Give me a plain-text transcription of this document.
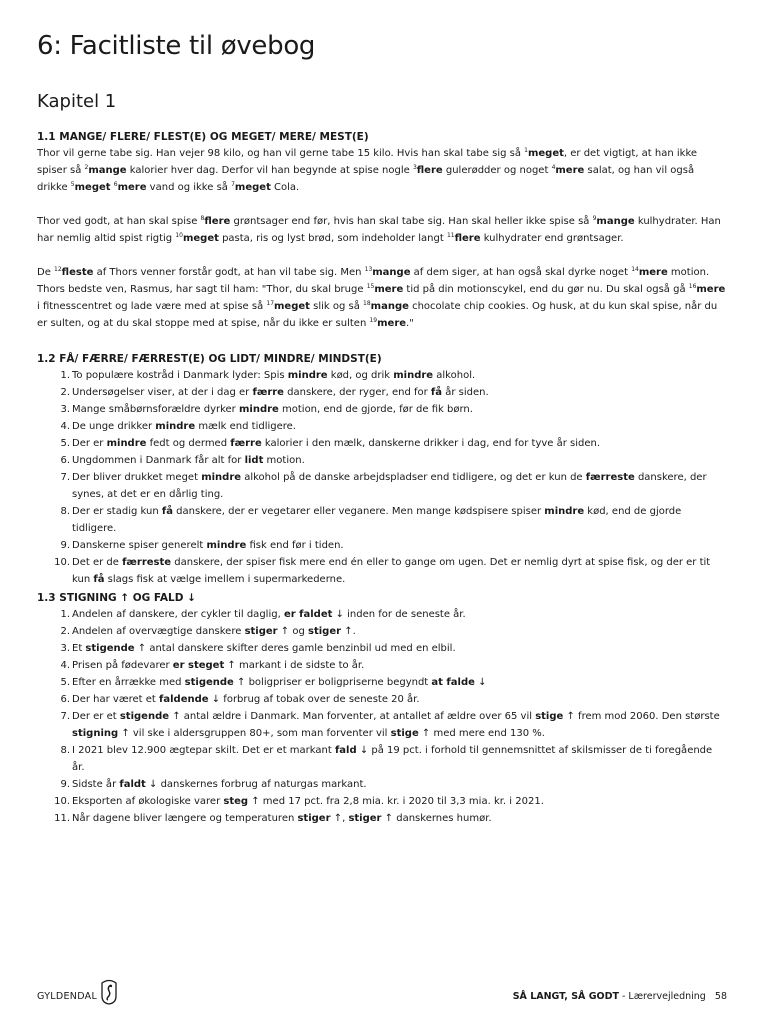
6: Facitliste til øvebog
Kapitel 1
1.1 MANGE/ FLERE/ FLEST(E) OG MEGET/ MERE/ MEST(E)

Thor vil gerne tabe sig. Han vejer 98 kilo, og han vil gerne tabe 15 kilo. Hvis han skal tabe sig så $^1$meget, er det vigtigt, at han ikke spiser så $^2$mange kalorier hver dag. Derfor vil han begynde at spise nogle $^3$flere gulerødder og noget $^4$mere salat, og han vil også drikke $^5$meget $^6$mere vand og ikke så $^7$meget Cola.

Thor ved godt, at han skal spise $^8$flere grøntsager end før, hvis han skal tabe sig. Han skal heller ikke spise så $^9$mange kulhydrater. Han har nemlig altid spist rigtig $^{10}$meget pasta, ris og lyst brød, som indeholder langt $^{11}$flere kulhydrater end grøntsager.

De $^{12}$fleste af Thors venner forstår godt, at han vil tabe sig. Men $^{13}$mange af dem siger, at han også skal dyrke noget $^{14}$mere motion. Thors bedste ven, Rasmus, har sagt til ham: "Thor, du skal bruge $^{15}$mere tid på din motionscykel, end du gør nu. Du skal også gå $^{16}$mere i fitnesscentret og lade være med at spise så $^{17}$meget slik og så $^{18}$mange chocolate chip cookies. Og husk, at du kun skal spise, når du er sulten, og at du skal stoppe med at spise, når du ikke er sulten $^{19}$mere."

1.2 FÅ/ FÆRRE/ FÆRREST(E) OG LIDT/ MINDRE/ MINDST(E)
1. To populære kostråd i Danmark lyder: Spis mindre kød, og drik mindre alkohol.
2. Undersøgelser viser, at der i dag er færre danskere, der ryger, end for få år siden.
3. Mange småbørnsforældre dyrker mindre motion, end de gjorde, før de fik børn.
4. De unge drikker mindre mælk end tidligere.
5. Der er mindre fedt og dermed færre kalorier i den mælk, danskerne drikker i dag, end for tyve år siden.
6. Ungdommen i Danmark får alt for lidt motion.
7. Der bliver drukket meget mindre alkohol på de danske arbejdspladser end tidligere, og det er kun de færreste danskere, der synes, at det er en dårlig ting.
8. Der er stadig kun få danskere, der er vegetarer eller veganere. Men mange kødspisere spiser mindre kød, end de gjorde tidligere.
9. Danskerne spiser generelt mindre fisk end før i tiden.
10. Det er de færreste danskere, der spiser fisk mere end én eller to gange om ugen. Det er nemlig dyrt at spise fisk, og der er tit kun få slags fisk at vælge imellem i supermarkederne.
1.3 STIGNING ↑ OG FALD ↓
1. Andelen af danskere, der cykler til daglig, er faldet ↓ inden for de seneste år.
2. Andelen af overvægtige danskere stiger ↑ og stiger ↑.
3. Et stigende ↑ antal danskere skifter deres gamle benzinbil ud med en elbil.
4. Prisen på fødevarer er steget ↑ markant i de sidste to år.
5. Efter en årrække med stigende ↑ boligpriser er boligpriserne begyndt at falde ↓
6. Der har været et faldende ↓ forbrug af tobak over de seneste 20 år.
7. Der er et stigende ↑ antal ældre i Danmark. Man forventer, at antallet af ældre over 65 vil stige ↑ frem mod 2060. Den største stigning ↑ vil ske i aldersgruppen 80+, som man forventer vil stige ↑ med mere end 130 %.
8. I 2021 blev 12.900 ægtepar skilt. Det er et markant fald ↓ på 19 pct. i forhold til gennemsnittet af skilsmisser de ti foregående år.
9. Sidste år faldt ↓ danskernes forbrug af naturgas markant.
10. Eksporten af økologiske varer steg ↑ med 17 pct. fra 2,8 mia. kr. i 2020 til 3,3 mia. kr. i 2021.
11. Når dagene bliver længere og temperaturen stiger ↑, stiger ↑ danskernes humør.
GYLDENDAL	SÅ LANGT, SÅ GODT - Lærervejledning 58
